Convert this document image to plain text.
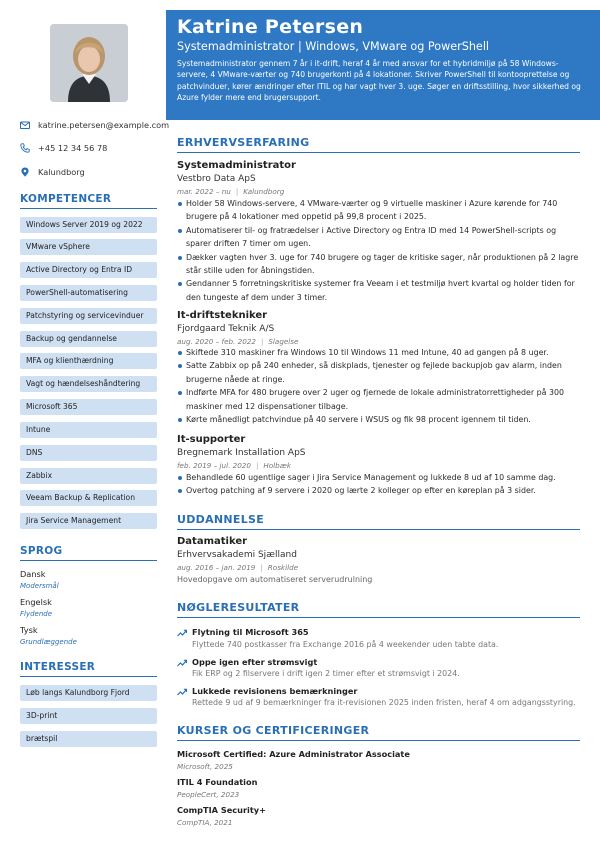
katrine.petersen@example.com
+45 12 34 56 78
Kalundborg
KOMPETENCER
Windows Server 2019 og 2022
VMware vSphere
Active Directory og Entra ID
PowerShell-automatisering
Patchstyring og servicevinduer
Backup og gendannelse
MFA og klienthærdning
Vagt og hændelseshåndtering
Microsoft 365
Intune
DNS
Zabbix
Veeam Backup & Replication
Jira Service Management
SPROG
Dansk
Modersmål
Engelsk
Flydende
Tysk
Grundlæggende
INTERESSER
Løb langs Kalundborg Fjord
3D-print
brætspil
Katrine Petersen
Systemadministrator | Windows, VMware og PowerShell
Systemadministrator gennem 7 år i it-drift, heraf 4 år med ansvar for et hybridmiljø på 58 Windows-servere, 4 VMware-værter og 740 brugerkonti på 4 lokationer. Skriver PowerShell til kontooprettelse og patchvinduer, kører ændringer efter ITIL og har vagt hver 3. uge. Søger en driftsstilling, hvor sikkerhed og Azure fylder mere end brugersupport.
ERHVERVSERFARING
Systemadministrator
Vestbro Data ApS
mar. 2022 – nu | Kalundborg
Holder 58 Windows-servere, 4 VMware-værter og 9 virtuelle maskiner i Azure kørende for 740 brugere på 4 lokationer med oppetid på 99,8 procent i 2025.
Automatiserer til- og fratrædelser i Active Directory og Entra ID med 14 PowerShell-scripts og sparer driften 7 timer om ugen.
Dækker vagten hver 3. uge for 740 brugere og tager de kritiske sager, når produktionen på 2 lagre står stille uden for åbningstiden.
Gendanner 5 forretningskritiske systemer fra Veeam i et testmiljø hvert kvartal og holder tiden for den tungeste af dem under 3 timer.
It-driftstekniker
Fjordgaard Teknik A/S
aug. 2020 – feb. 2022 | Slagelse
Skiftede 310 maskiner fra Windows 10 til Windows 11 med Intune, 40 ad gangen på 8 uger.
Satte Zabbix op på 240 enheder, så diskplads, tjenester og fejlede backupjob gav alarm, inden brugerne nåede at ringe.
Indførte MFA for 480 brugere over 2 uger og fjernede de lokale administratorrettigheder på 300 maskiner med 12 dispensationer tilbage.
Kørte månedligt patchvindue på 40 servere i WSUS og fik 98 procent igennem til tiden.
It-supporter
Bregnemark Installation ApS
feb. 2019 – jul. 2020 | Holbæk
Behandlede 60 ugentlige sager i Jira Service Management og lukkede 8 ud af 10 samme dag.
Overtog patching af 9 servere i 2020 og lærte 2 kolleger op efter en køreplan på 3 sider.
UDDANNELSE
Datamatiker
Erhvervsakademi Sjælland
aug. 2016 – jan. 2019 | Roskilde
Hovedopgave om automatiseret serverudrulning
NØGLERESULTATER
Flytning til Microsoft 365
Flyttede 740 postkasser fra Exchange 2016 på 4 weekender uden tabte data.
Oppe igen efter strømsvigt
Fik ERP og 2 filservere i drift igen 2 timer efter et strømsvigt i 2024.
Lukkede revisionens bemærkninger
Rettede 9 ud af 9 bemærkninger fra it-revisionen 2025 inden fristen, heraf 4 om adgangsstyring.
KURSER OG CERTIFICERINGER
Microsoft Certified: Azure Administrator Associate
Microsoft, 2025
ITIL 4 Foundation
PeopleCert, 2023
CompTIA Security+
CompTIA, 2021
